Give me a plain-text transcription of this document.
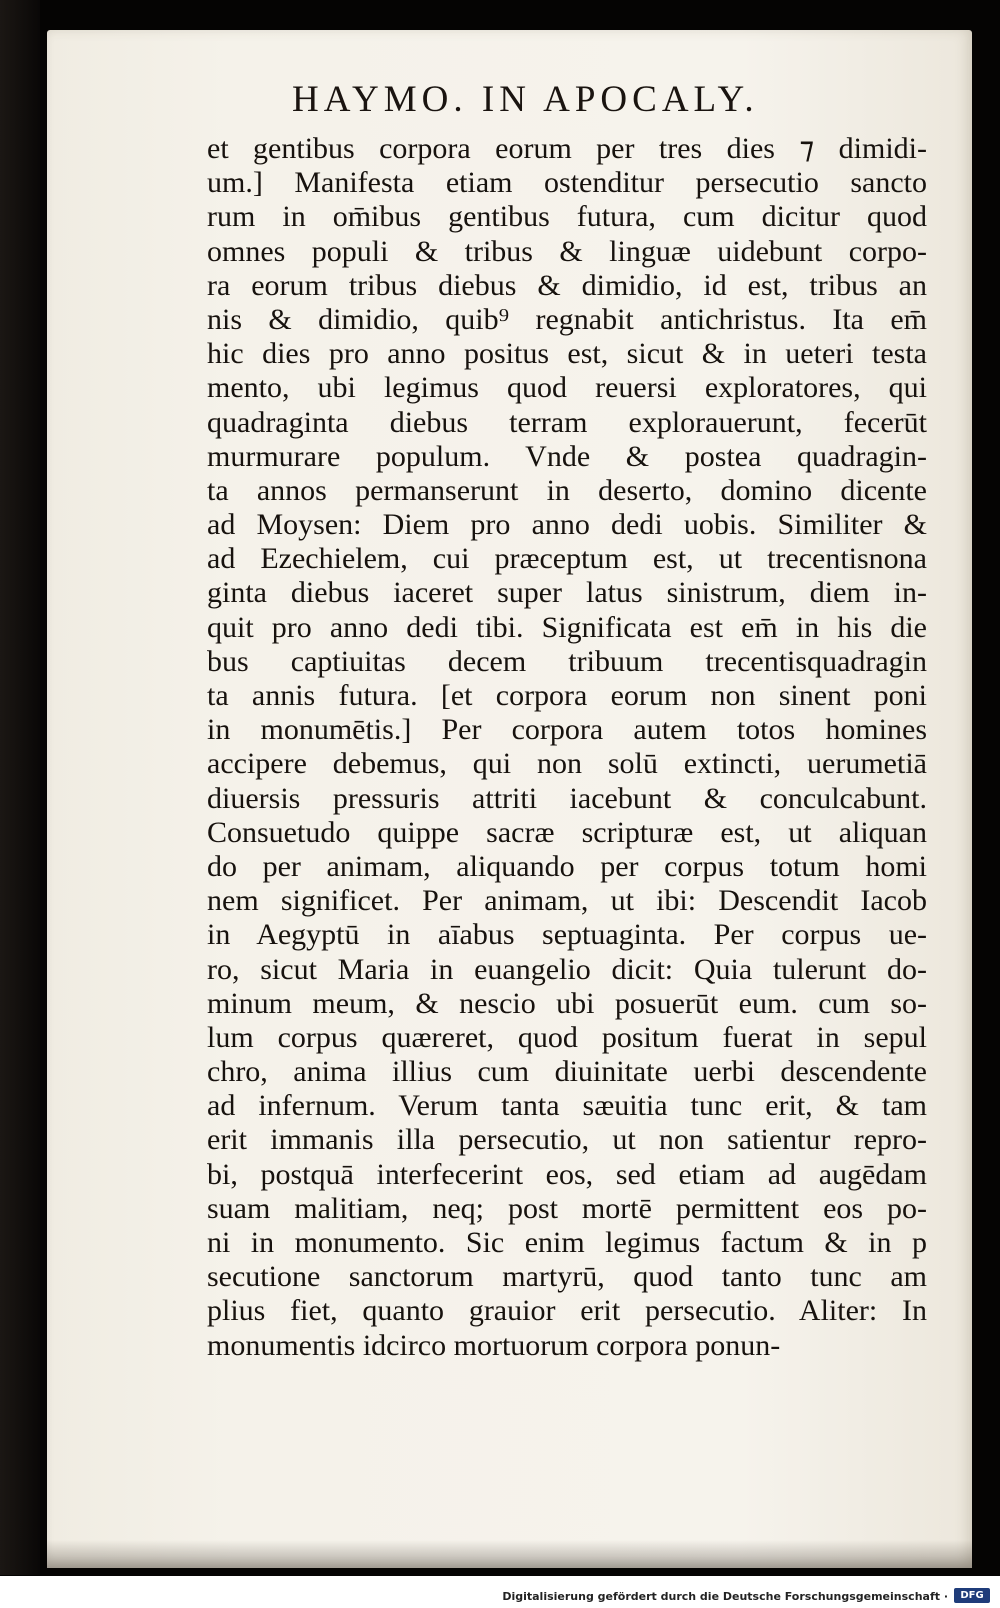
HAYMO. IN APOCALY.
et gentibus corpora eorum per tres dies ⁊ dimidi-
um.] Manifesta etiam ostenditur persecutio sancto
rum in om̄ibus gentibus futura, cum dicitur quod
omnes populi & tribus & linguæ uidebunt corpo-
ra eorum tribus diebus & dimidio, id est, tribus an
nis & dimidio, quib⁹ regnabit antichristus. Ita em̄
hic dies pro anno positus est, sicut & in ueteri testa
mento, ubi legimus quod reuersi exploratores, qui
quadraginta diebus terram explorauerunt, fecerūt
murmurare populum. Vnde & postea quadragin-
ta annos permanserunt in deserto, domino dicente
ad Moysen: Diem pro anno dedi uobis. Similiter &
ad Ezechielem, cui præceptum est, ut trecentisnona
ginta diebus iaceret super latus sinistrum, diem in-
quit pro anno dedi tibi. Significata est em̄ in his die
bus captiuitas decem tribuum trecentisquadragin
ta annis futura. [et corpora eorum non sinent poni
in monumētis.] Per corpora autem totos homines
accipere debemus, qui non solū extincti, uerumetiā
diuersis pressuris attriti iacebunt & conculcabunt.
Consuetudo quippe sacræ scripturæ est, ut aliquan
do per animam, aliquando per corpus totum homi
nem significet. Per animam, ut ibi: Descendit Iacob
in Aegyptū in aīabus septuaginta. Per corpus ue-
ro, sicut Maria in euangelio dicit: Quia tulerunt do-
minum meum, & nescio ubi posuerūt eum. cum so-
lum corpus quæreret, quod positum fuerat in sepul
chro, anima illius cum diuinitate uerbi descendente
ad infernum. Verum tanta sæuitia tunc erit, & tam
erit immanis illa persecutio, ut non satientur repro-
bi, postquā interfecerint eos, sed etiam ad augēdam
suam malitiam, neq; post mortē permittent eos po-
ni in monumento. Sic enim legimus factum & in p
secutione sanctorum martyrū, quod tanto tunc am
plius fiet, quanto grauior erit persecutio. Aliter: In
monumentis idcirco mortuorum corpora ponun-
Digitalisierung gefördert durch die Deutsche Forschungsgemeinschaft ·	DFG
